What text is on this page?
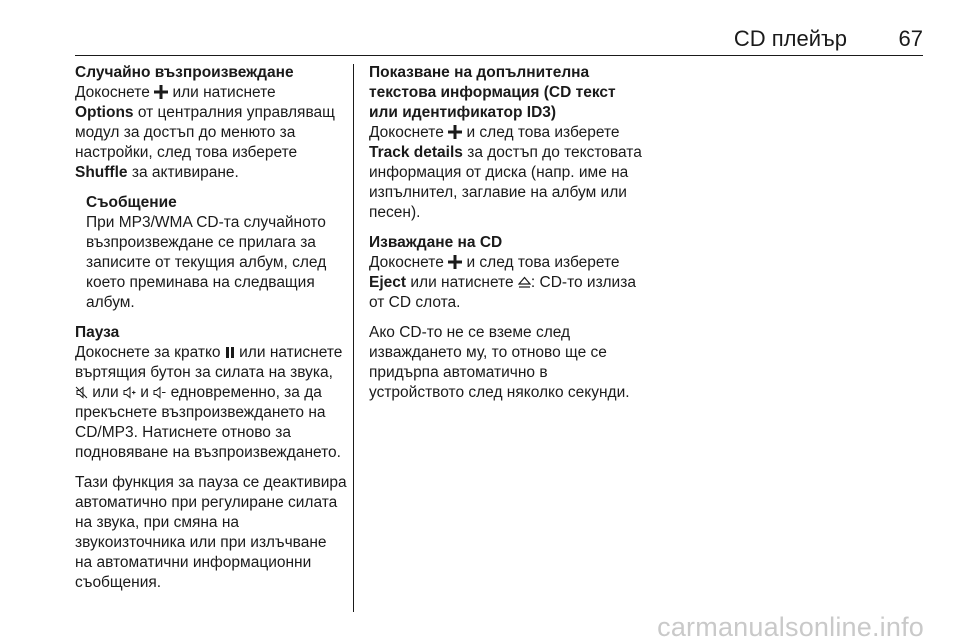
CD плейър 67
Случайно възпроизвеждане

Докоснете  или натиснете
Options от централния управляващ модул за достъп до менюто за настройки, след това изберете
Shuffle за активиране.

Съобщение
При MP3/WMA CD-та случайното възпроизвеждане се прилага за записите от текущия албум, след което преминава на следващия албум.
Пауза

Докоснете за кратко  или натиснете въртящия бутон за силата на звука,  или  и  едновременно, за да прекъснете възпроизвеждането на CD/MP3. Натиснете отново за подновяване на възпроизвеждането.

Тази функция за пауза се деактивира автоматично при регулиране силата на звука, при смяна на звукоизточника или при излъчване на автоматични информационни съобщения.

Показване на допълнителна текстова информация (CD текст или идентификатор ID3)

Докоснете  и след това изберете Track details за достъп до текстовата информация от диска (напр. име на изпълнител, заглавие на албум или песен).

Изваждане на CD

Докоснете  и след това изберете
Eject или натиснете : CD-то излиза от CD слота.

Ако CD-то не се вземе след изваждането му, то отново ще се придърпа автоматично в устройството след няколко секунди.

carmanualsonline.info
